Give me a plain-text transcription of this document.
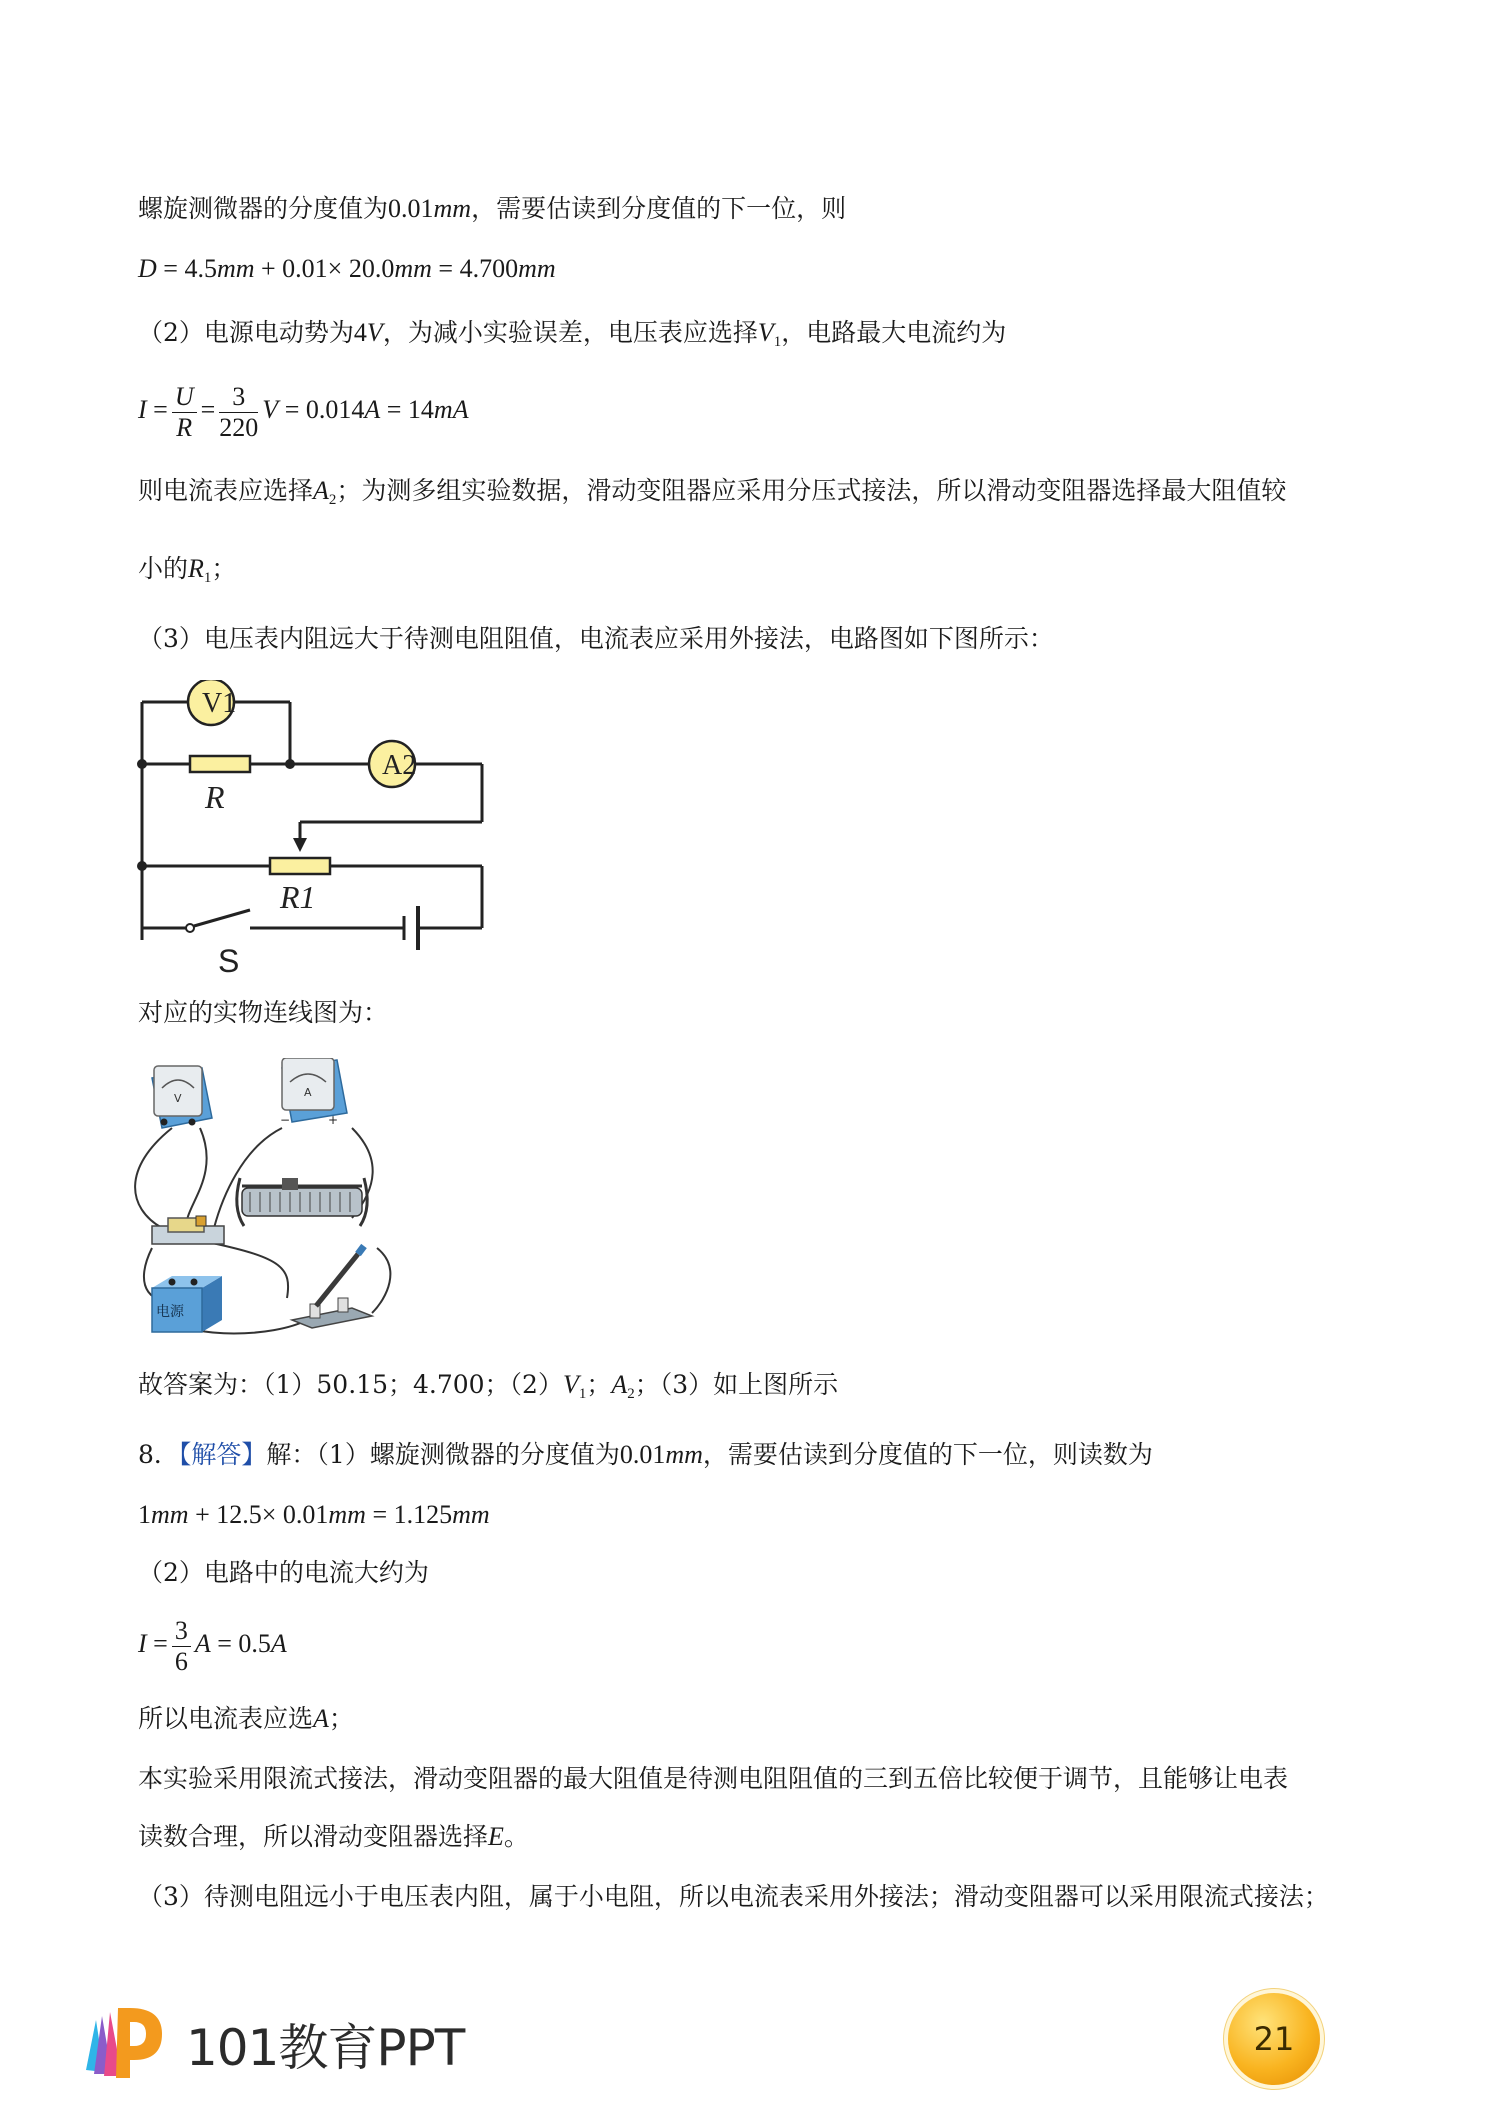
螺旋测微器的分度值为0.01mm，需要估读到分度值的下一位，则
D = 4.5mm + 0.01× 20.0mm = 4.700mm
（2）电源电动势为4V，为减小实验误差，电压表应选择$V_1$，电路最大电流约为
$I = \frac{U}{R} = \frac{3}{220}$ V = 0.014A = 14mA
则电流表应选择$A_2$；为测多组实验数据，滑动变阻器应采用分压式接法，所以滑动变阻器选择最大阻值较
小的$R_1$；
（3）电压表内阻远大于待测电阻阻值，电流表应采用外接法，电路图如下图所示：
V1
A2
R
R1
S
对应的实物连线图为：
V	A
−	+
电源
故答案为：（1）50.15；4.700；$(2)V_1$；$A_2$；（3）如上图所示
8．【解答】解：（1）螺旋测微器的分度值为0.01mm，需要估读到分度值的下一位，则读数为
1mm + 12.5× 0.01mm = 1.125mm
（2）电路中的电流大约为
$I = \frac{3}{6}$ A = 0.5A
所以电流表应选A；
本实验采用限流式接法，滑动变阻器的最大阻值是待测电阻阻值的三到五倍比较便于调节，且能够让电表
读数合理，所以滑动变阻器选择E。
（3）待测电阻远小于电压表内阻，属于小电阻，所以电流表采用外接法；滑动变阻器可以采用限流式接法；
101教育PPT	21
